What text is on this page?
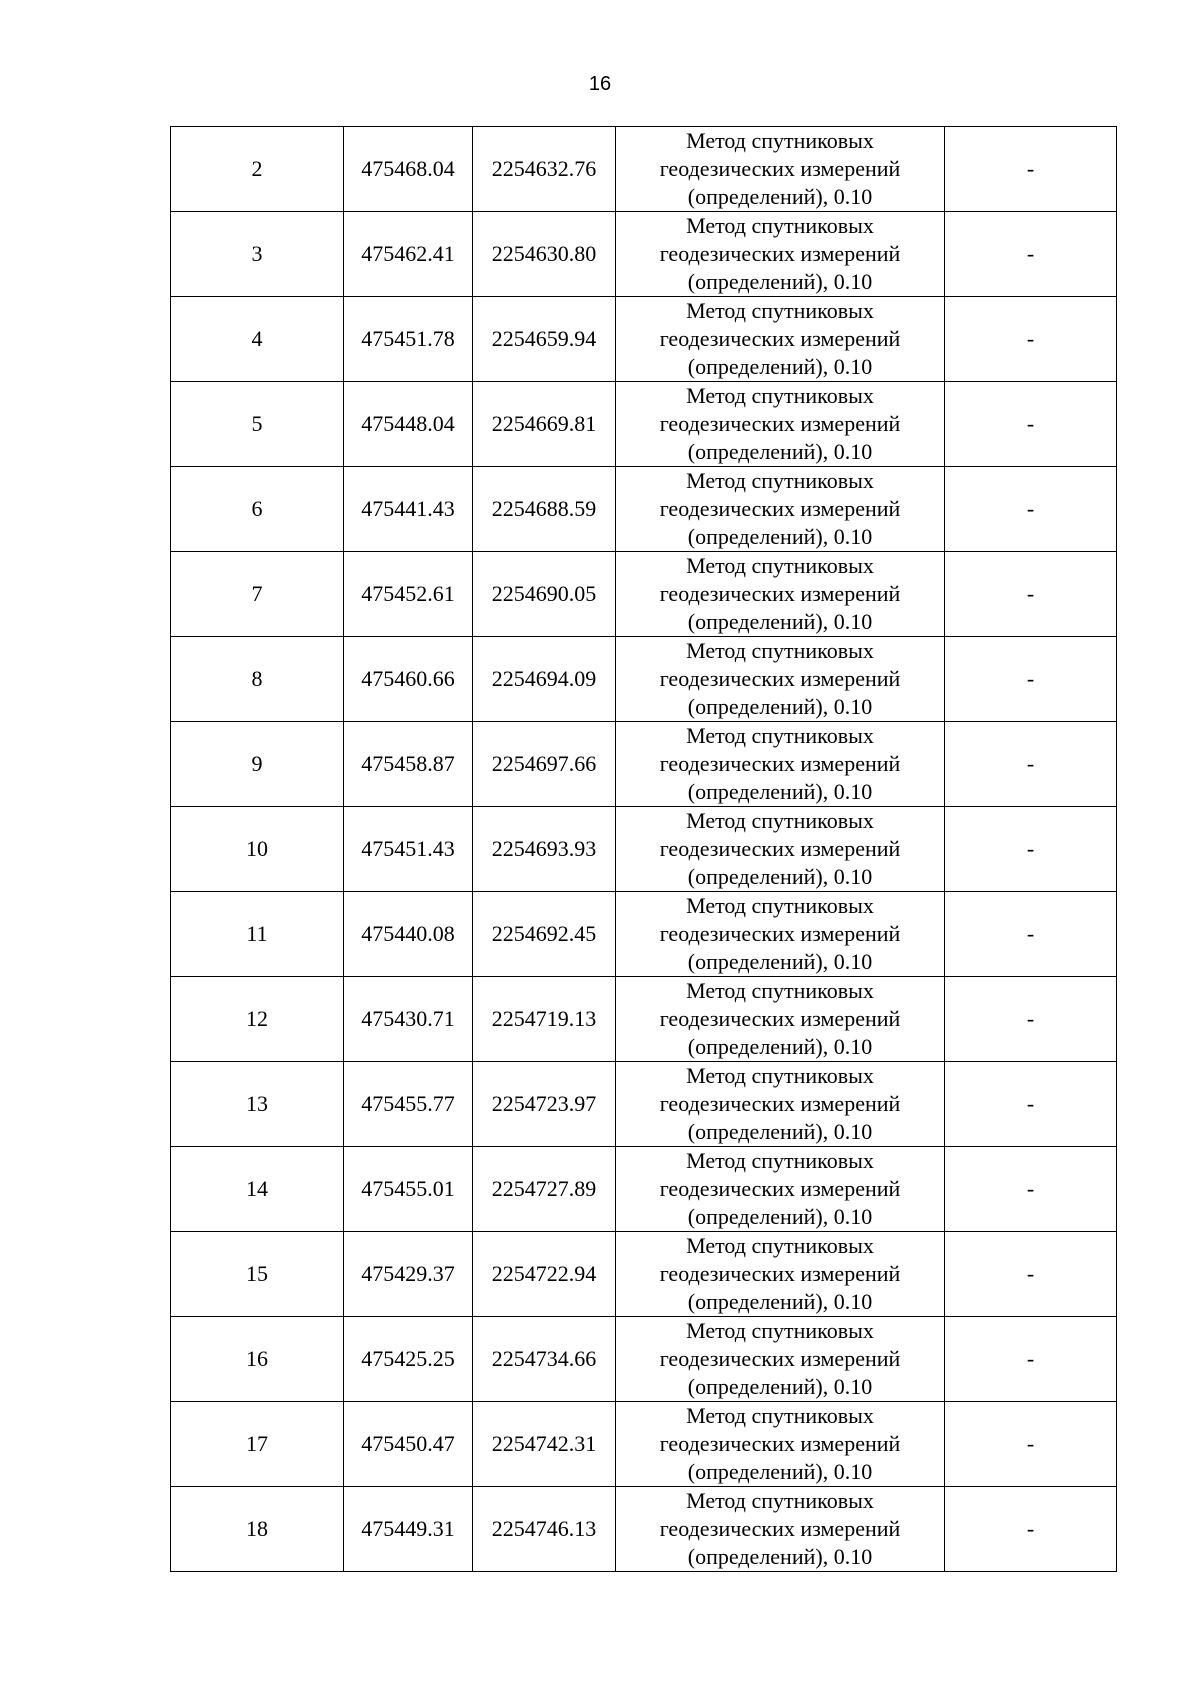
16
2	475468.04	2254632.76	Метод спутниковых
геодезических измерений
(определений), 0.10	-
3	475462.41	2254630.80	Метод спутниковых
геодезических измерений
(определений), 0.10	-
4	475451.78	2254659.94	Метод спутниковых
геодезических измерений
(определений), 0.10	-
5	475448.04	2254669.81	Метод спутниковых
геодезических измерений
(определений), 0.10	-
6	475441.43	2254688.59	Метод спутниковых
геодезических измерений
(определений), 0.10	-
7	475452.61	2254690.05	Метод спутниковых
геодезических измерений
(определений), 0.10	-
8	475460.66	2254694.09	Метод спутниковых
геодезических измерений
(определений), 0.10	-
9	475458.87	2254697.66	Метод спутниковых
геодезических измерений
(определений), 0.10	-
10	475451.43	2254693.93	Метод спутниковых
геодезических измерений
(определений), 0.10	-
11	475440.08	2254692.45	Метод спутниковых
геодезических измерений
(определений), 0.10	-
12	475430.71	2254719.13	Метод спутниковых
геодезических измерений
(определений), 0.10	-
13	475455.77	2254723.97	Метод спутниковых
геодезических измерений
(определений), 0.10	-
14	475455.01	2254727.89	Метод спутниковых
геодезических измерений
(определений), 0.10	-
15	475429.37	2254722.94	Метод спутниковых
геодезических измерений
(определений), 0.10	-
16	475425.25	2254734.66	Метод спутниковых
геодезических измерений
(определений), 0.10	-
17	475450.47	2254742.31	Метод спутниковых
геодезических измерений
(определений), 0.10	-
18	475449.31	2254746.13	Метод спутниковых
геодезических измерений
(определений), 0.10	-
